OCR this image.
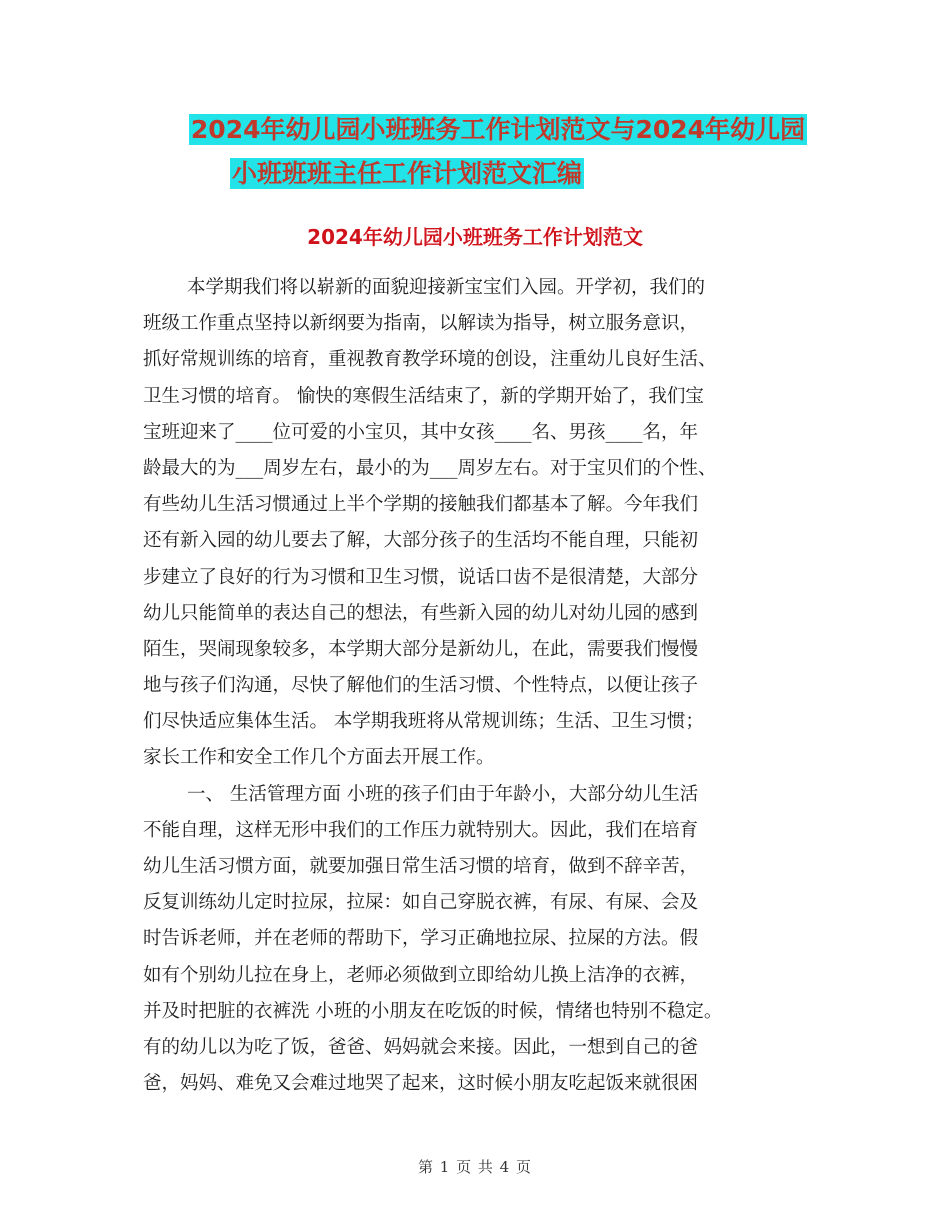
2024年幼儿园小班班务工作计划范文与2024年幼儿园
小班班班主任工作计划范文汇编
2024年幼儿园小班班务工作计划范文
本学期我们将以崭新的面貌迎接新宝宝们入园。开学初，我们的
班级工作重点坚持以新纲要为指南，以解读为指导，树立服务意识，
抓好常规训练的培育，重视教育教学环境的创设，注重幼儿良好生活、
卫生习惯的培育。 愉快的寒假生活结束了，新的学期开始了，我们宝
宝班迎来了____位可爱的小宝贝，其中女孩____名、男孩____名，年
龄最大的为___周岁左右，最小的为___周岁左右。对于宝贝们的个性、
有些幼儿生活习惯通过上半个学期的接触我们都基本了解。今年我们
还有新入园的幼儿要去了解，大部分孩子的生活均不能自理，只能初
步建立了良好的行为习惯和卫生习惯，说话口齿不是很清楚，大部分
幼儿只能简单的表达自己的想法，有些新入园的幼儿对幼儿园的感到
陌生，哭闹现象较多，本学期大部分是新幼儿，在此，需要我们慢慢
地与孩子们沟通，尽快了解他们的生活习惯、个性特点，以便让孩子
们尽快适应集体生活。 本学期我班将从常规训练；生活、卫生习惯；
家长工作和安全工作几个方面去开展工作。
一、 生活管理方面 小班的孩子们由于年龄小，大部分幼儿生活
不能自理，这样无形中我们的工作压力就特别大。因此，我们在培育
幼儿生活习惯方面，就要加强日常生活习惯的培育，做到不辞辛苦，
反复训练幼儿定时拉尿，拉屎：如自己穿脱衣裤，有尿、有屎、会及
时告诉老师，并在老师的帮助下，学习正确地拉尿、拉屎的方法。假
如有个别幼儿拉在身上，老师必须做到立即给幼儿换上洁净的衣裤，
并及时把脏的衣裤洗 小班的小朋友在吃饭的时候，情绪也特别不稳定。
有的幼儿以为吃了饭，爸爸、妈妈就会来接。因此，一想到自己的爸
爸，妈妈、难免又会难过地哭了起来，这时候小朋友吃起饭来就很困
第 1 页 共 4 页
